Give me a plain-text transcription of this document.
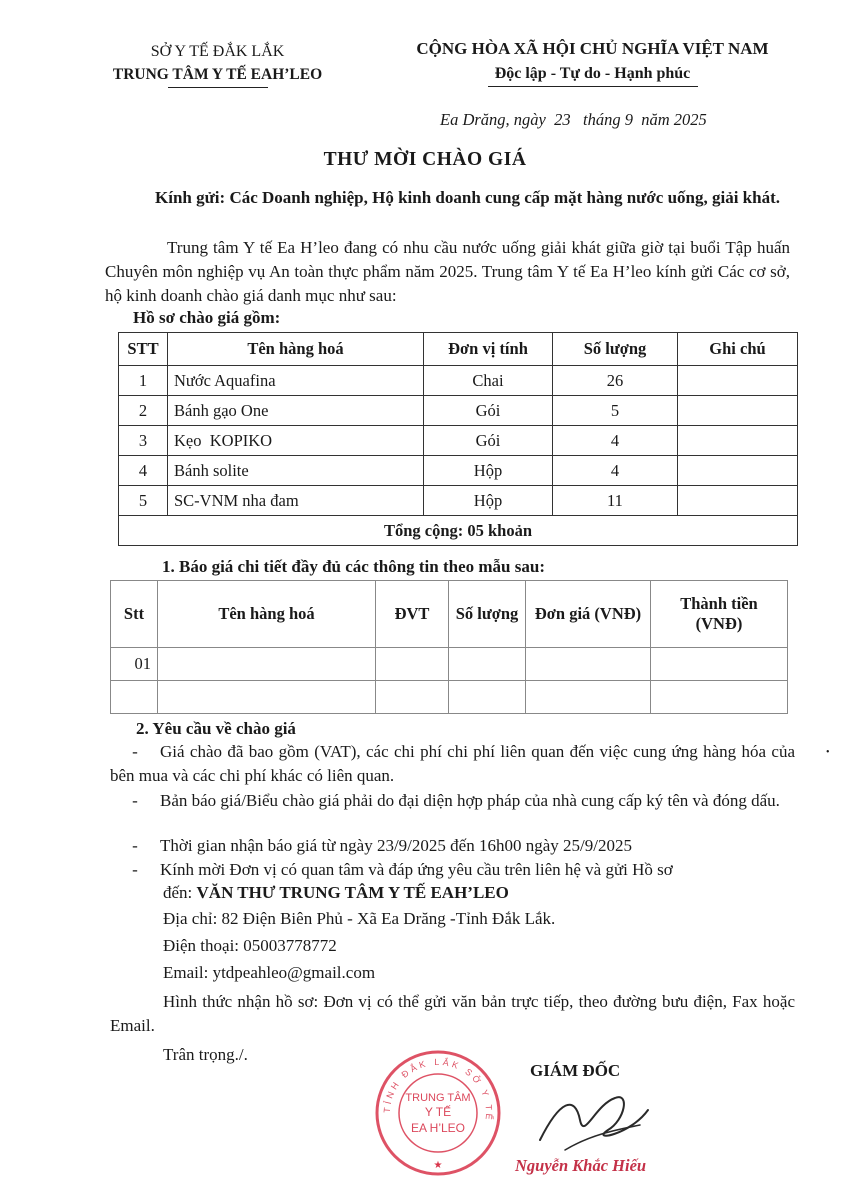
SỞ Y TẾ ĐẮK LẮK
TRUNG TÂM Y TẾ EAH’LEO
CỘNG HÒA XÃ HỘI CHỦ NGHĨA VIỆT NAM
Độc lập - Tự do - Hạnh phúc
Ea Drăng, ngày  23   tháng 9  năm 2025
THƯ MỜI CHÀO GIÁ
Kính gửi: Các Doanh nghiệp, Hộ kinh doanh cung cấp mặt hàng nước uống, giải khát.
Trung tâm Y tế Ea H’leo đang có nhu cầu nước uống giải khát giữa giờ tại buổi Tập huấn Chuyên môn nghiệp vụ An toàn thực phẩm năm 2025. Trung tâm Y tế Ea H’leo kính gửi Các cơ sở, hộ kinh doanh chào giá danh mục như sau:
Hồ sơ chào giá gồm:
STT	Tên hàng hoá	Đơn vị tính	Số lượng	Ghi chú
1	Nước Aquafina	Chai	26	
2	Bánh gạo One	Gói	5	
3	Kẹo  KOPIKO	Gói	4	
4	Bánh solite	Hộp	4	
5	SC-VNM nha đam	Hộp	11	
Tổng cộng: 05 khoản				
1. Báo giá chi tiết đầy đủ các thông tin theo mẫu sau:
Stt	Tên hàng hoá	ĐVT	Số lượng	Đơn giá (VNĐ)	Thành tiền (VNĐ)
01					

2. Yêu cầu về chào giá
- Giá chào đã bao gồm (VAT), các chi phí chi phí liên quan đến việc cung ứng hàng hóa của bên mua và các chi phí khác có liên quan.
- Bản báo giá/Biểu chào giá phải do đại diện hợp pháp của nhà cung cấp ký tên và đóng dấu.
- Thời gian nhận báo giá từ ngày 23/9/2025 đến 16h00 ngày 25/9/2025
- Kính mời Đơn vị có quan tâm và đáp ứng yêu cầu trên liên hệ và gửi Hồ sơ
đến: VĂN THƯ TRUNG TÂM Y TẾ EAH’LEO
Địa chỉ: 82 Điện Biên Phủ - Xã Ea Drăng -Tỉnh Đắk Lắk.
Điện thoại: 05003778772
Email: ytdpeahleo@gmail.com
Hình thức nhận hồ sơ: Đơn vị có thể gửi văn bản trực tiếp, theo đường bưu điện, Fax hoặc Email.
Trân trọng./.
TỈNH ĐẮK LẮK SỞ Y TẾ
TRUNG TÂM
Y TẾ
EA H’LEO
★
GIÁM ĐỐC
Nguyễn Khắc Hiếu
•
